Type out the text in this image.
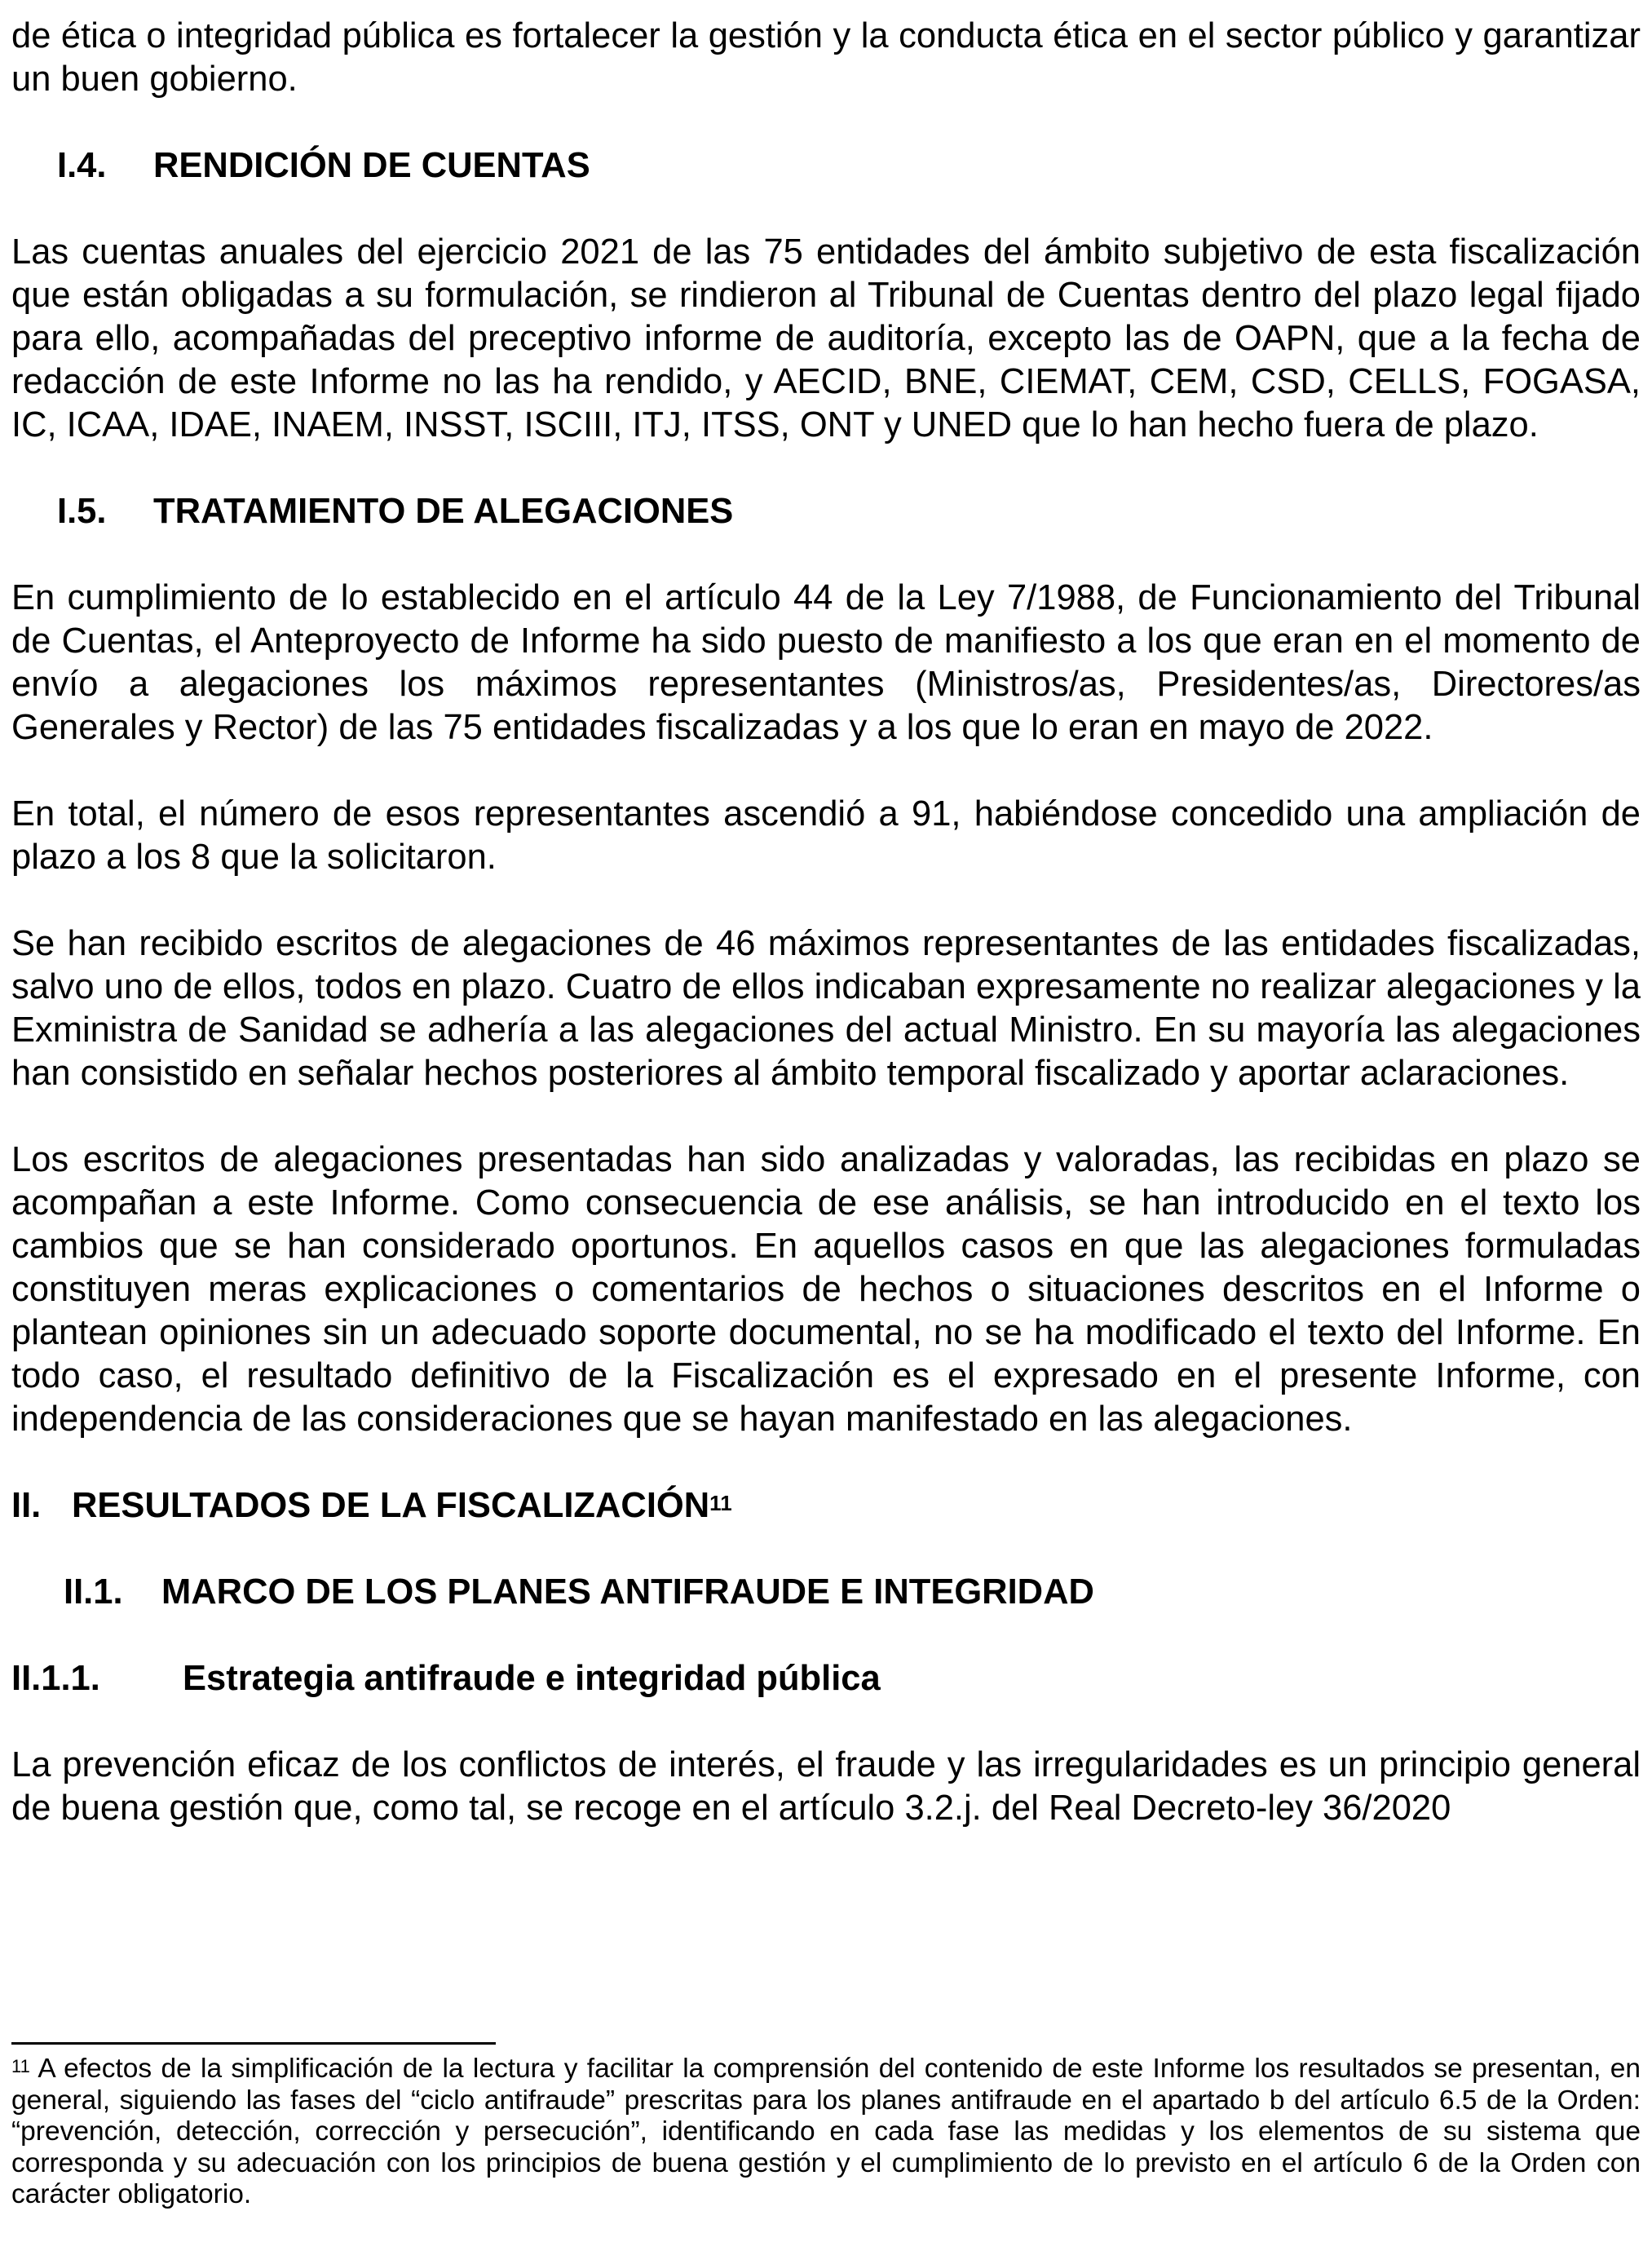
de ética o integridad pública es fortalecer la gestión y la conducta ética en el sector público y garantizar un buen gobierno.

I.4.	RENDICIÓN DE CUENTAS

Las cuentas anuales del ejercicio 2021 de las 75 entidades del ámbito subjetivo de esta fiscalización que están obligadas a su formulación, se rindieron al Tribunal de Cuentas dentro del plazo legal fijado para ello, acompañadas del preceptivo informe de auditoría, excepto las de OAPN, que a la fecha de redacción de este Informe no las ha rendido, y AECID, BNE, CIEMAT, CEM, CSD, CELLS, FOGASA, IC, ICAA, IDAE, INAEM, INSST, ISCIII, ITJ, ITSS, ONT y UNED que lo han hecho fuera de plazo.

I.5.	TRATAMIENTO DE ALEGACIONES

En cumplimiento de lo establecido en el artículo 44 de la Ley 7/1988, de Funcionamiento del Tribunal de Cuentas, el Anteproyecto de Informe ha sido puesto de manifiesto a los que eran en el momento de envío a alegaciones los máximos representantes (Ministros/as, Presidentes/as, Directores/as Generales y Rector) de las 75 entidades fiscalizadas y a los que lo eran en mayo de 2022.

En total, el número de esos representantes ascendió a 91, habiéndose concedido una ampliación de plazo a los 8 que la solicitaron.

Se han recibido escritos de alegaciones de 46 máximos representantes de las entidades fiscalizadas, salvo uno de ellos, todos en plazo. Cuatro de ellos indicaban expresamente no realizar alegaciones y la Exministra de Sanidad se adhería a las alegaciones del actual Ministro. En su mayoría las alegaciones han consistido en señalar hechos posteriores al ámbito temporal fiscalizado y aportar aclaraciones.

Los escritos de alegaciones presentadas han sido analizadas y valoradas, las recibidas en plazo se acompañan a este Informe. Como consecuencia de ese análisis, se han introducido en el texto los cambios que se han considerado oportunos. En aquellos casos en que las alegaciones formuladas constituyen meras explicaciones o comentarios de hechos o situaciones descritos en el Informe o plantean opiniones sin un adecuado soporte documental, no se ha modificado el texto del Informe. En todo caso, el resultado definitivo de la Fiscalización es el expresado en el presente Informe, con independencia de las consideraciones que se hayan manifestado en las alegaciones.

II. RESULTADOS DE LA FISCALIZACIÓN$^{11}$
II.1.	MARCO DE LOS PLANES ANTIFRAUDE E INTEGRIDAD
II.1.1.	Estrategia antifraude e integridad pública

La prevención eficaz de los conflictos de interés, el fraude y las irregularidades es un principio general de buena gestión que, como tal, se recoge en el artículo 3.2.j. del Real Decreto-ley 36/2020

$^{11}$ A efectos de la simplificación de la lectura y facilitar la comprensión del contenido de este Informe los resultados se presentan, en general, siguiendo las fases del “ciclo antifraude” prescritas para los planes antifraude en el apartado b del artículo 6.5 de la Orden: “prevención, detección, corrección y persecución”, identificando en cada fase las medidas y los elementos de su sistema que corresponda y su adecuación con los principios de buena gestión y el cumplimiento de lo previsto en el artículo 6 de la Orden con carácter obligatorio.
